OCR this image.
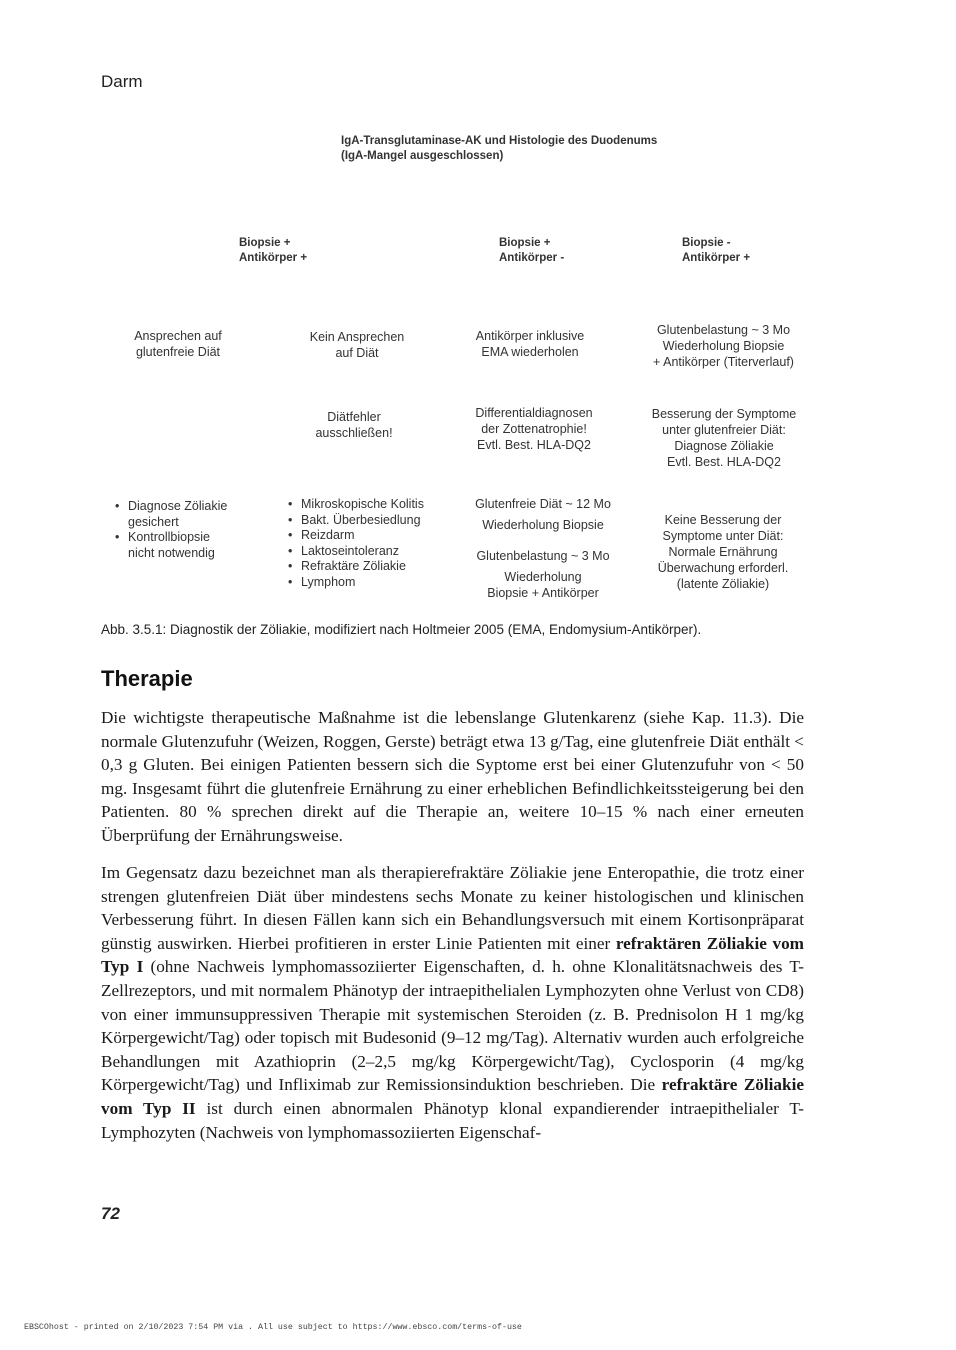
Darm
IgA-Transglutaminase-AK und Histologie des Duodenums
(IgA-Mangel ausgeschlossen)
Biopsie +
Antikörper +
Biopsie +
Antikörper -
Biopsie -
Antikörper +
Ansprechen auf
glutenfreie Diät
Kein Ansprechen
auf Diät
Antikörper inklusive
EMA wiederholen
Glutenbelastung ~ 3 Mo
Wiederholung Biopsie
+ Antikörper (Titerverlauf)
Diätfehler
ausschließen!
Differentialdiagnosen
der Zottenatrophie!
Evtl. Best. HLA-DQ2
Besserung der Symptome
unter glutenfreier Diät:
Diagnose Zöliakie
Evtl. Best. HLA-DQ2
• Diagnose Zöliakie
gesichert
• Kontrollbiopsie
nicht notwendig
• Mikroskopische Kolitis
• Bakt. Überbesiedlung
• Reizdarm
• Laktoseintoleranz
• Refraktäre Zöliakie
• Lymphom
Glutenfreie Diät ~ 12 Mo
Wiederholung Biopsie
Glutenbelastung ~ 3 Mo
Wiederholung
Biopsie + Antikörper
Keine Besserung der
Symptome unter Diät:
Normale Ernährung
Überwachung erforderl.
(latente Zöliakie)
Abb. 3.5.1: Diagnostik der Zöliakie, modifiziert nach Holtmeier 2005 (EMA, Endomysium-Antikörper).
Therapie

Die wichtigste therapeutische Maßnahme ist die lebenslange Glutenkarenz (siehe Kap. 11.3). Die normale Glutenzufuhr (Weizen, Roggen, Gerste) beträgt etwa 13 g/Tag, eine glutenfreie Diät enthält < 0,3 g Gluten. Bei einigen Patienten bessern sich die Syptome erst bei einer Glutenzufuhr von < 50 mg. Insgesamt führt die glutenfreie Ernährung zu einer erheblichen Befindlichkeitssteigerung bei den Patienten. 80 % sprechen direkt auf die Therapie an, weitere 10–15 % nach einer erneuten Überprüfung der Ernährungsweise.

Im Gegensatz dazu bezeichnet man als therapierefraktäre Zöliakie jene Enteropathie, die trotz einer strengen glutenfreien Diät über mindestens sechs Monate zu keiner histologischen und klinischen Verbesserung führt. In diesen Fällen kann sich ein Behandlungsversuch mit einem Kortisonpräparat günstig auswirken. Hierbei profitieren in erster Linie Patienten mit einer refraktären Zöliakie vom Typ I (ohne Nachweis lymphomassoziierter Eigenschaften, d. h. ohne Klonalitätsnachweis des T-Zellrezeptors, und mit normalem Phänotyp der intraepithelialen Lymphozyten ohne Verlust von CD8) von einer immunsuppressiven Therapie mit systemischen Steroiden (z. B. Prednisolon H 1 mg/kg Körpergewicht/Tag) oder topisch mit Budesonid (9–12 mg/Tag). Alternativ wurden auch erfolgreiche Behandlungen mit Azathioprin (2–2,5 mg/kg Körpergewicht/Tag), Cyclosporin (4 mg/kg Körpergewicht/Tag) und Infliximab zur Remissionsinduktion beschrieben. Die refraktäre Zöliakie vom Typ II ist durch einen abnormalen Phänotyp klonal expandierender intraepithelialer T-Lymphozyten (Nachweis von lymphomassoziierten Eigenschaf-

72
EBSCOhost - printed on 2/10/2023 7:54 PM via . All use subject to https://www.ebsco.com/terms-of-use
